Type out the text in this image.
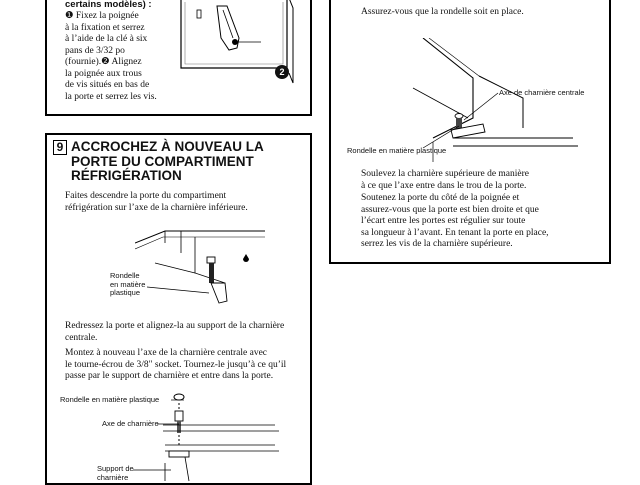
certains modèles) :
❶ Fixez la poignée
à la fixation et serrez
à l’aide de la clé à six
pans de 3/32 po
(fournie).❷ Alignez
la poignée aux trous
de vis situés en bas de
la porte et serrez les vis.
2
9 ACCROCHEZ À NOUVEAU LA
PORTE DU COMPARTIMENT
RÉFRIGÉRATION
Faites descendre la porte du compartiment
réfrigération sur l’axe de la charnière inférieure.
Rondelle
en matière
plastique
Redressez la porte et alignez-la au support de la charnière
centrale.
Montez à nouveau l’axe de la charnière centrale avec
le tourne-écrou de 3/8" socket. Tournez-le jusqu’à ce qu’il
passe par le support de charnière et entre dans la porte.
Rondelle en matière plastique
Axe de charnière
Support de
charnière
Assurez-vous que la rondelle soit en place.
Axe de charnière centrale
Rondelle en matière plastique
Soulevez la charnière supérieure de manière
à ce que l’axe entre dans le trou de la porte.
Soutenez la porte du côté de la poignée et
assurez-vous que la porte est bien droite et que
l’écart entre les portes est régulier sur toute
sa longueur à l’avant. En tenant la porte en place,
serrez les vis de la charnière supérieure.
